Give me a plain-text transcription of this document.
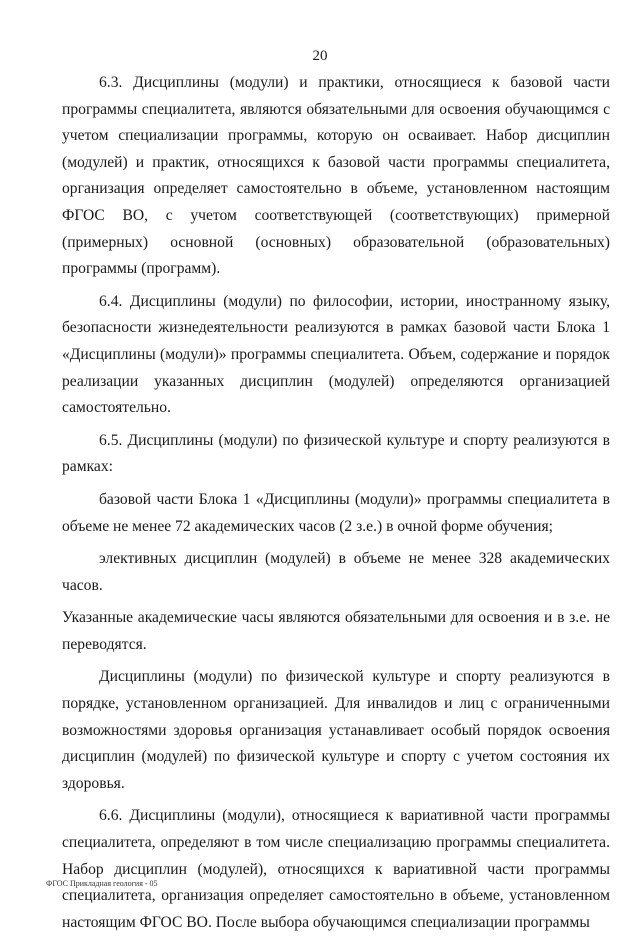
20

6.3. Дисциплины (модули) и практики, относящиеся к базовой части программы специалитета, являются обязательными для освоения обучающимся с учетом специализации программы, которую он осваивает. Набор дисциплин (модулей) и практик, относящихся к базовой части программы специалитета, организация определяет самостоятельно в объеме, установленном настоящим ФГОС ВО, с учетом соответствующей (соответствующих) примерной (примерных) основной (основных) образовательной (образовательных) программы (программ).

6.4. Дисциплины (модули) по философии, истории, иностранному языку, безопасности жизнедеятельности реализуются в рамках базовой части Блока 1 «Дисциплины (модули)» программы специалитета. Объем, содержание и порядок реализации указанных дисциплин (модулей) определяются организацией самостоятельно.

6.5. Дисциплины (модули) по физической культуре и спорту реализуются в рамках:

базовой части Блока 1 «Дисциплины (модули)» программы специалитета в объеме не менее 72 академических часов (2 з.е.) в очной форме обучения;

элективных дисциплин (модулей) в объеме не менее 328 академических часов.

Указанные академические часы являются обязательными для освоения и в з.е. не переводятся.

Дисциплины (модули) по физической культуре и спорту реализуются в порядке, установленном организацией. Для инвалидов и лиц с ограниченными возможностями здоровья организация устанавливает особый порядок освоения дисциплин (модулей) по физической культуре и спорту с учетом состояния их здоровья.

6.6. Дисциплины (модули), относящиеся к вариативной части программы специалитета, определяют в том числе специализацию программы специалитета. Набор дисциплин (модулей), относящихся к вариативной части программы специалитета, организация определяет самостоятельно в объеме, установленном настоящим ФГОС ВО. После выбора обучающимся специализации программы

ФГОС Прикладная геология - 05
